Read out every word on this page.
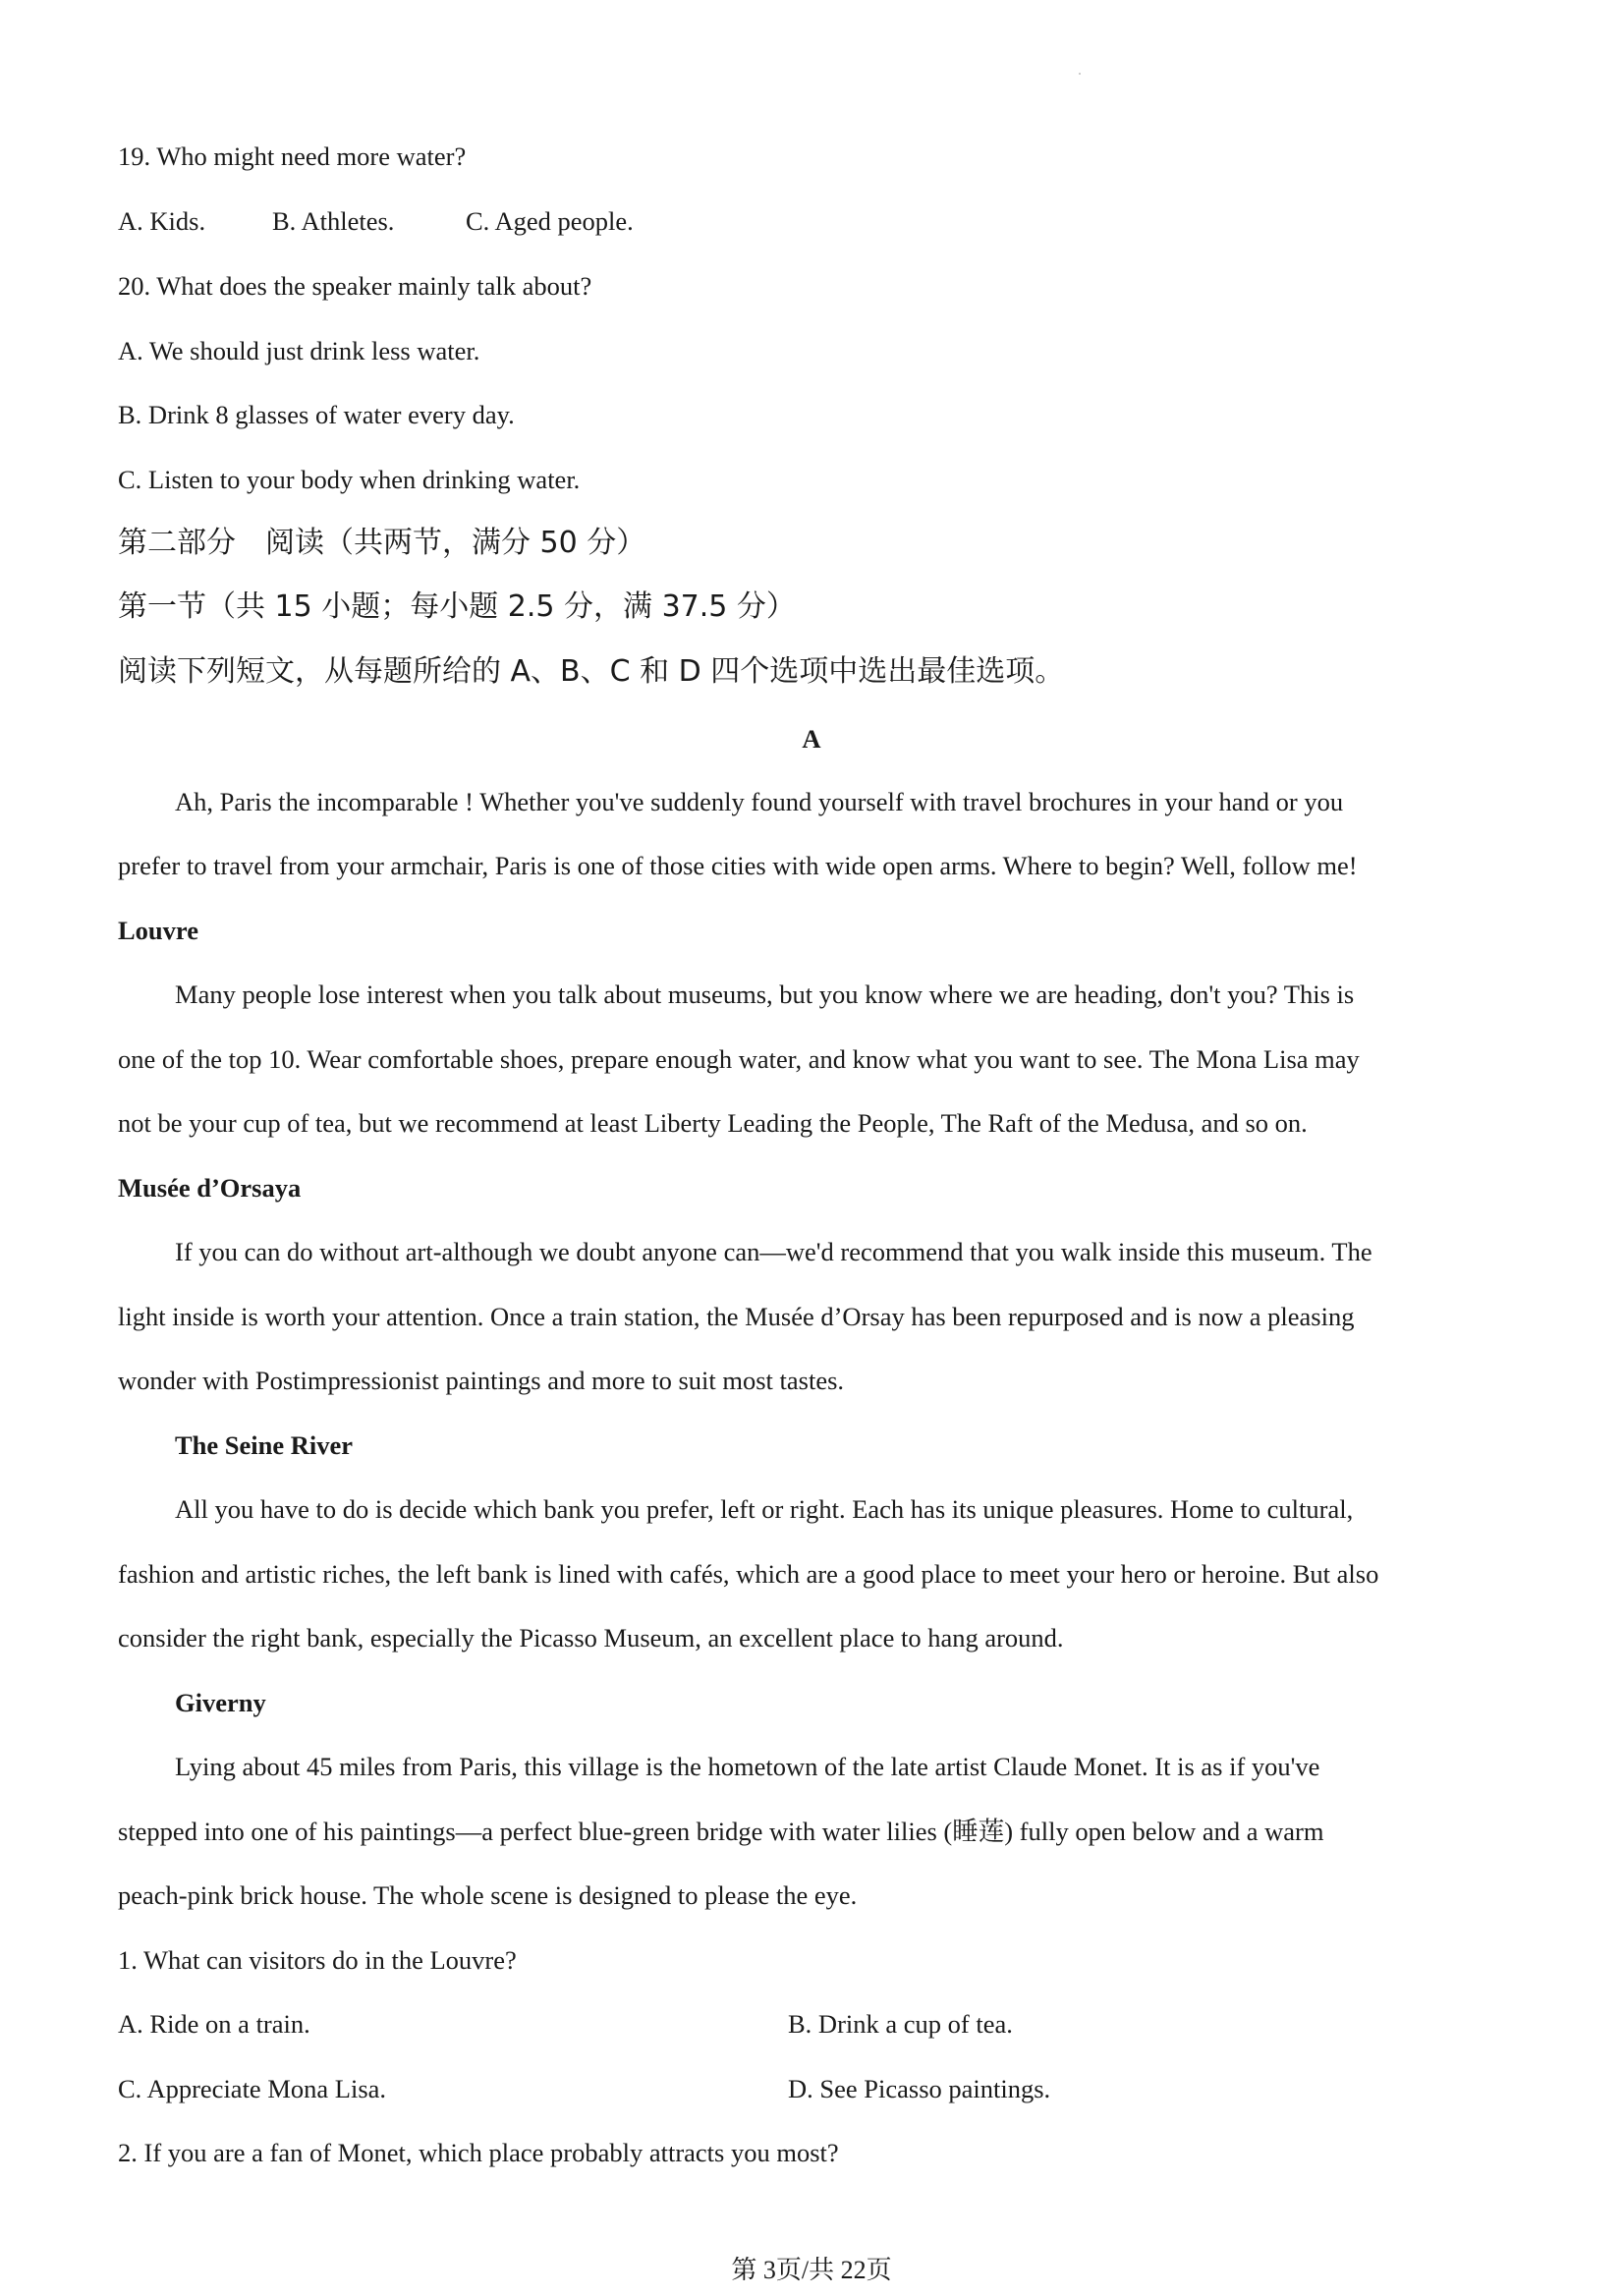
19. Who might need more water?
A. Kids.	B. Athletes.	C. Aged people.
20. What does the speaker mainly talk about?
A. We should just drink less water.
B. Drink 8 glasses of water every day.
C. Listen to your body when drinking water.
第二部分　阅读（共两节，满分 50 分）
第一节（共 15 小题；每小题 2.5 分，满 37.5 分）
阅读下列短文，从每题所给的 A、B、C 和 D 四个选项中选出最佳选项。
A
Ah, Paris the incomparable ! Whether you've suddenly found yourself with travel brochures in your hand or you
prefer to travel from your armchair, Paris is one of those cities with wide open arms. Where to begin? Well, follow me!
Louvre
Many people lose interest when you talk about museums, but you know where we are heading, don't you? This is
one of the top 10. Wear comfortable shoes, prepare enough water, and know what you want to see. The Mona Lisa may
not be your cup of tea, but we recommend at least Liberty Leading the People, The Raft of the Medusa, and so on.
Musée d’Orsaya
If you can do without art-although we doubt anyone can—we'd recommend that you walk inside this museum. The
light inside is worth your attention. Once a train station, the Musée d’Orsay has been repurposed and is now a pleasing
wonder with Postimpressionist paintings and more to suit most tastes.
The Seine River
All you have to do is decide which bank you prefer, left or right. Each has its unique pleasures. Home to cultural,
fashion and artistic riches, the left bank is lined with cafés, which are a good place to meet your hero or heroine. But also
consider the right bank, especially the Picasso Museum, an excellent place to hang around.
Giverny
Lying about 45 miles from Paris, this village is the hometown of the late artist Claude Monet. It is as if you've
stepped into one of his paintings—a perfect blue-green bridge with water lilies (睡莲) fully open below and a warm
peach-pink brick house. The whole scene is designed to please the eye.
1. What can visitors do in the Louvre?
A. Ride on a train.	B. Drink a cup of tea.
C. Appreciate Mona Lisa.	D. See Picasso paintings.
2. If you are a fan of Monet, which place probably attracts you most?
第 3页/共 22页
